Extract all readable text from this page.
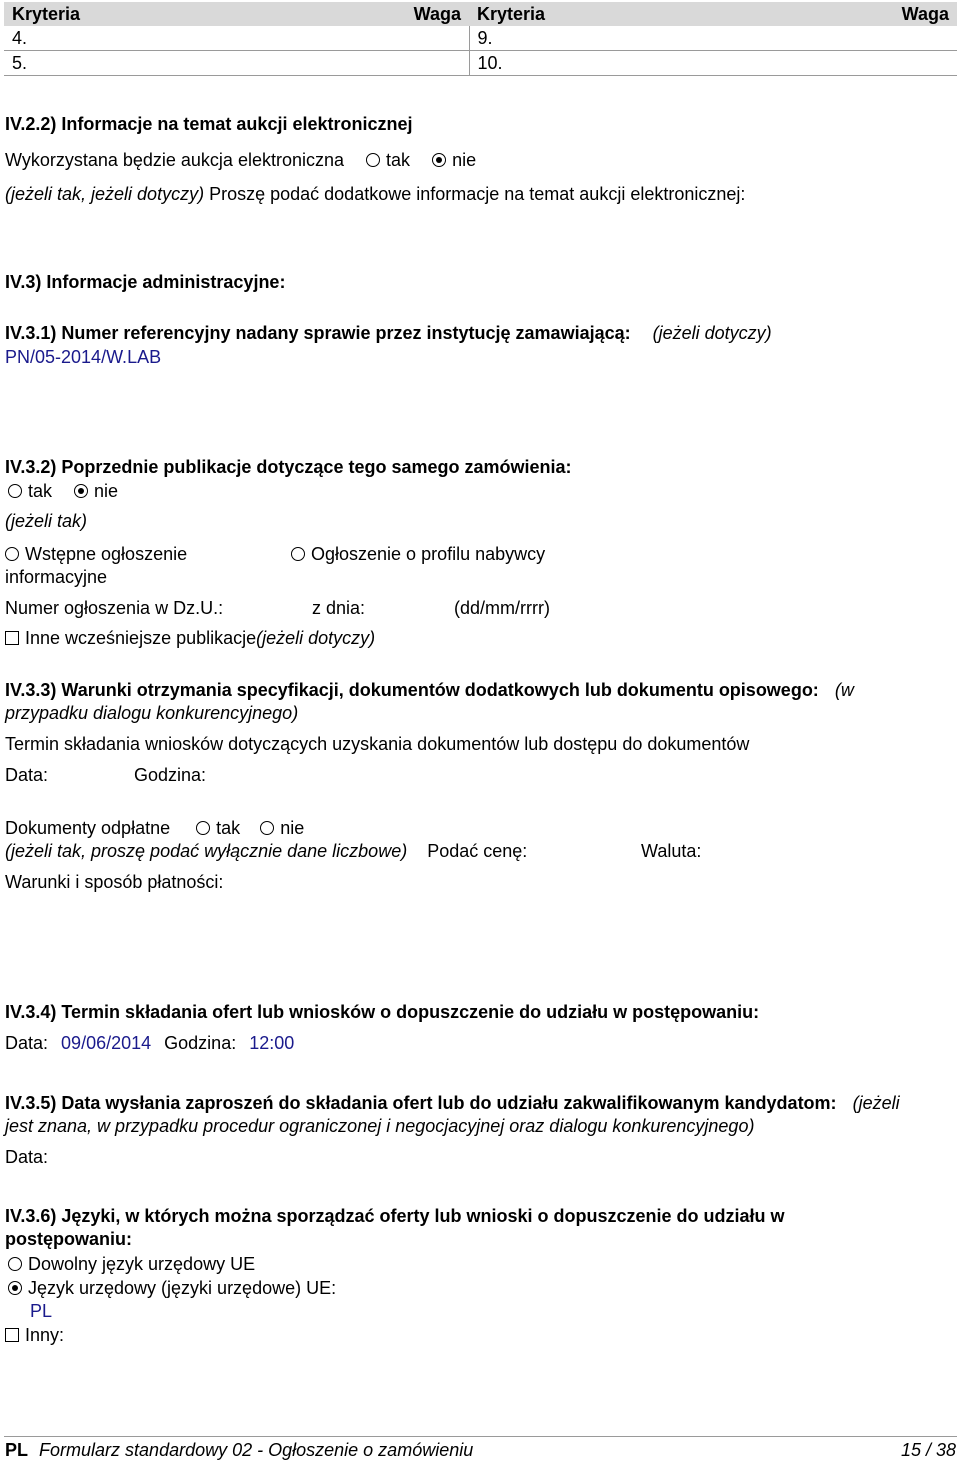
Kryteria	Waga	Kryteria	Waga
4.		9.	
5.		10.	
IV.2.2) Informacje na temat aukcji elektronicznej
Wykorzystana będzie aukcja elektroniczna tak nie
(jeżeli tak, jeżeli dotyczy) Proszę podać dodatkowe informacje na temat aukcji elektronicznej:
IV.3) Informacje administracyjne:
IV.3.1) Numer referencyjny nadany sprawie przez instytucję zamawiającą: (jeżeli dotyczy)
PN/05-2014/W.LAB
IV.3.2) Poprzednie publikacje dotyczące tego samego zamówienia:
tak nie
(jeżeli tak)
Wstępne ogłoszenie
informacyjne
Ogłoszenie o profilu nabywcy
Numer ogłoszenia w Dz.U.:	z dnia:	(dd/mm/rrrr)
Inne wcześniejsze publikacje(jeżeli dotyczy)
IV.3.3) Warunki otrzymania specyfikacji, dokumentów dodatkowych lub dokumentu opisowego: (w
przypadku dialogu konkurencyjnego)
Termin składania wniosków dotyczących uzyskania dokumentów lub dostępu do dokumentów
Data:	Godzina:
Dokumenty odpłatne	tak nie
(jeżeli tak, proszę podać wyłącznie dane liczbowe) Podać cenę:	Waluta:
Warunki i sposób płatności:
IV.3.4) Termin składania ofert lub wniosków o dopuszczenie do udziału w postępowaniu:
Data: 09/06/2014 Godzina: 12:00
IV.3.5) Data wysłania zaproszeń do składania ofert lub do udziału zakwalifikowanym kandydatom: (jeżeli
jest znana, w przypadku procedur ograniczonej i negocjacyjnej oraz dialogu konkurencyjnego)
Data:
IV.3.6) Języki, w których można sporządzać oferty lub wnioski o dopuszczenie do udziału w
postępowaniu:
Dowolny język urzędowy UE
Język urzędowy (języki urzędowe) UE:
PL
Inny:
PL Formularz standardowy 02 - Ogłoszenie o zamówieniu	15 / 38
